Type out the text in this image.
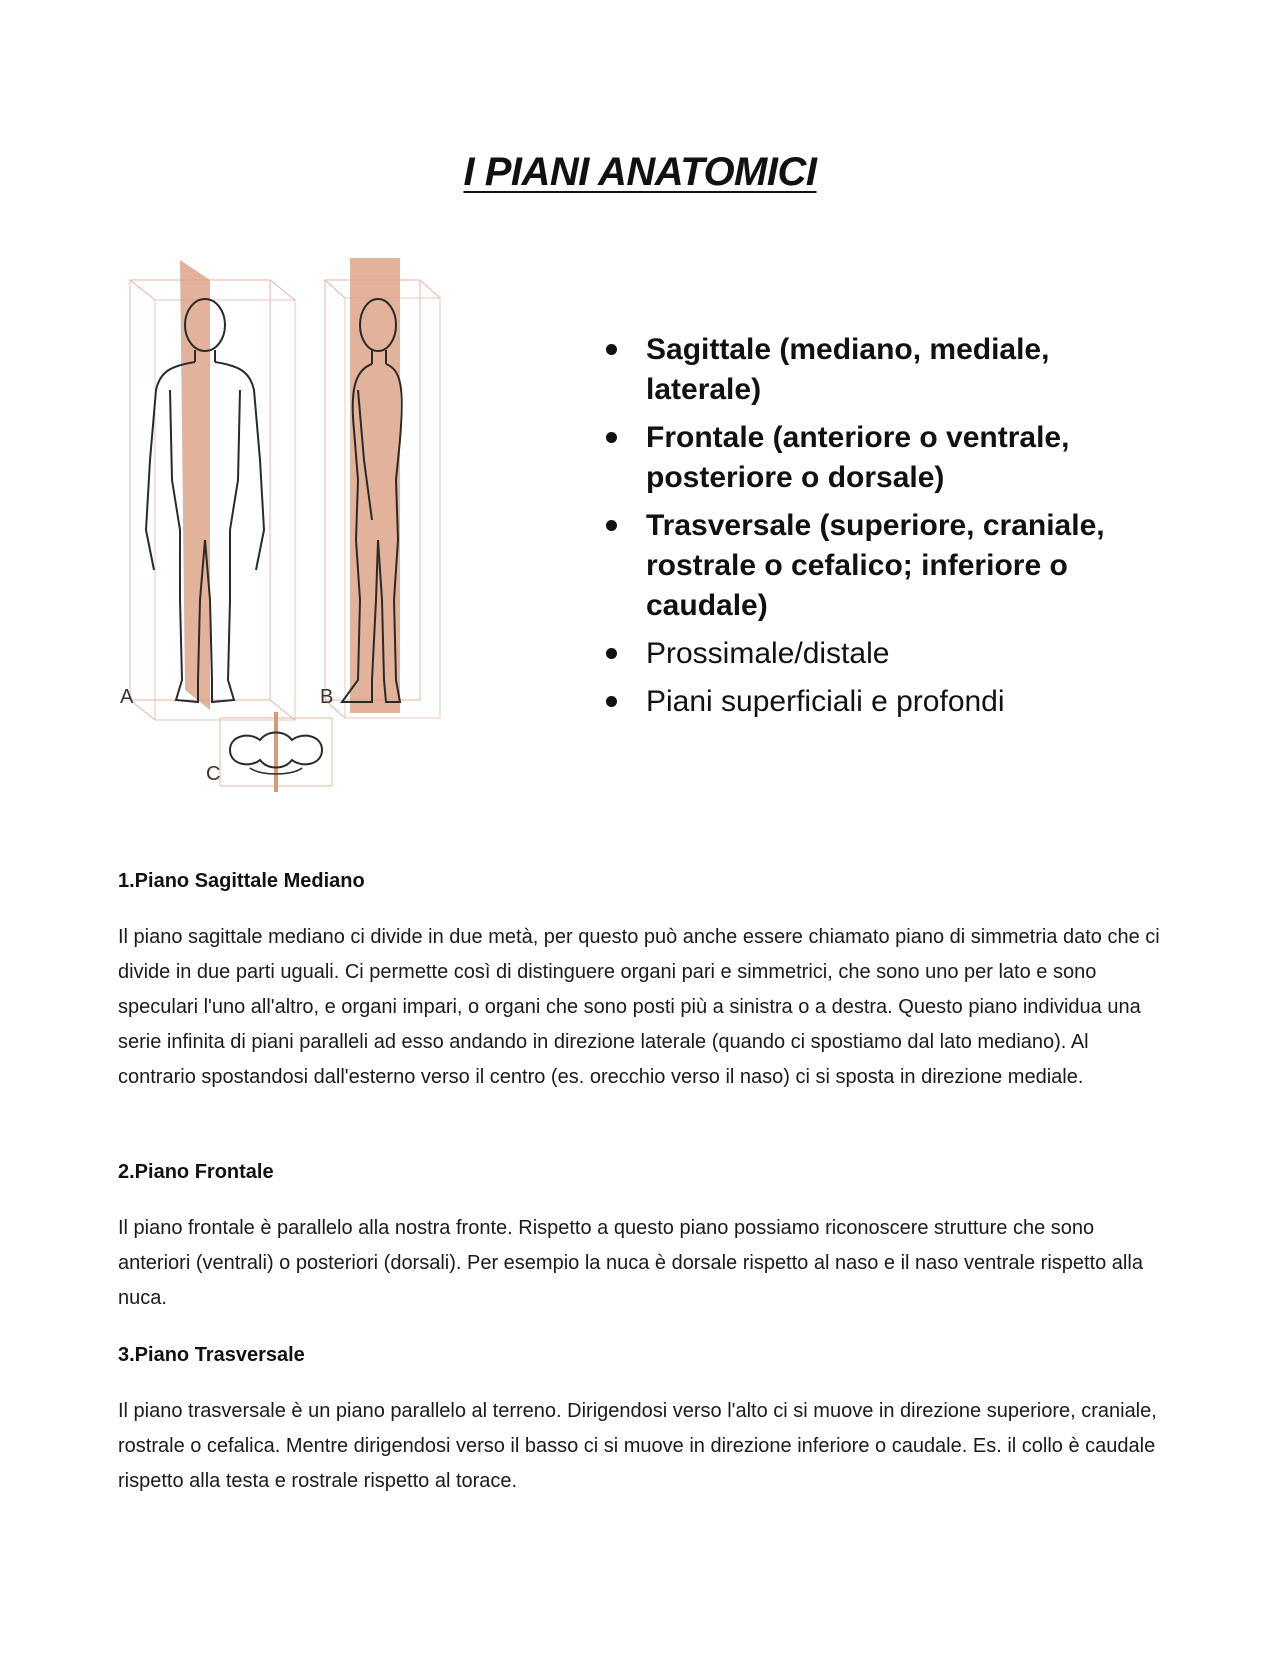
I PIANI ANATOMICI
A	B
C
Sagittale (mediano, mediale, laterale)
Frontale (anteriore o ventrale, posteriore o dorsale)
Trasversale (superiore, craniale, rostrale o cefalico; inferiore o caudale)
Prossimale/distale
Piani superficiali e profondi
1.Piano Sagittale Mediano

Il piano sagittale mediano ci divide in due metà, per questo può anche essere chiamato piano di simmetria dato che ci divide in due parti uguali. Ci permette così di distinguere organi pari e simmetrici, che sono uno per lato e sono speculari l'uno all'altro, e organi impari, o organi che sono posti più a sinistra o a destra. Questo piano individua una serie infinita di piani paralleli ad esso andando in direzione laterale (quando ci spostiamo dal lato mediano). Al contrario spostandosi dall'esterno verso il centro (es. orecchio verso il naso) ci si sposta in direzione mediale.

2.Piano Frontale

Il piano frontale è parallelo alla nostra fronte. Rispetto a questo piano possiamo riconoscere strutture che sono anteriori (ventrali) o posteriori (dorsali). Per esempio la nuca è dorsale rispetto al naso e il naso ventrale rispetto alla nuca.

3.Piano Trasversale

Il piano trasversale è un piano parallelo al terreno. Dirigendosi verso l'alto ci si muove in direzione superiore, craniale, rostrale o cefalica. Mentre dirigendosi verso il basso ci si muove in direzione inferiore o caudale. Es. il collo è caudale rispetto alla testa e rostrale rispetto al torace.
